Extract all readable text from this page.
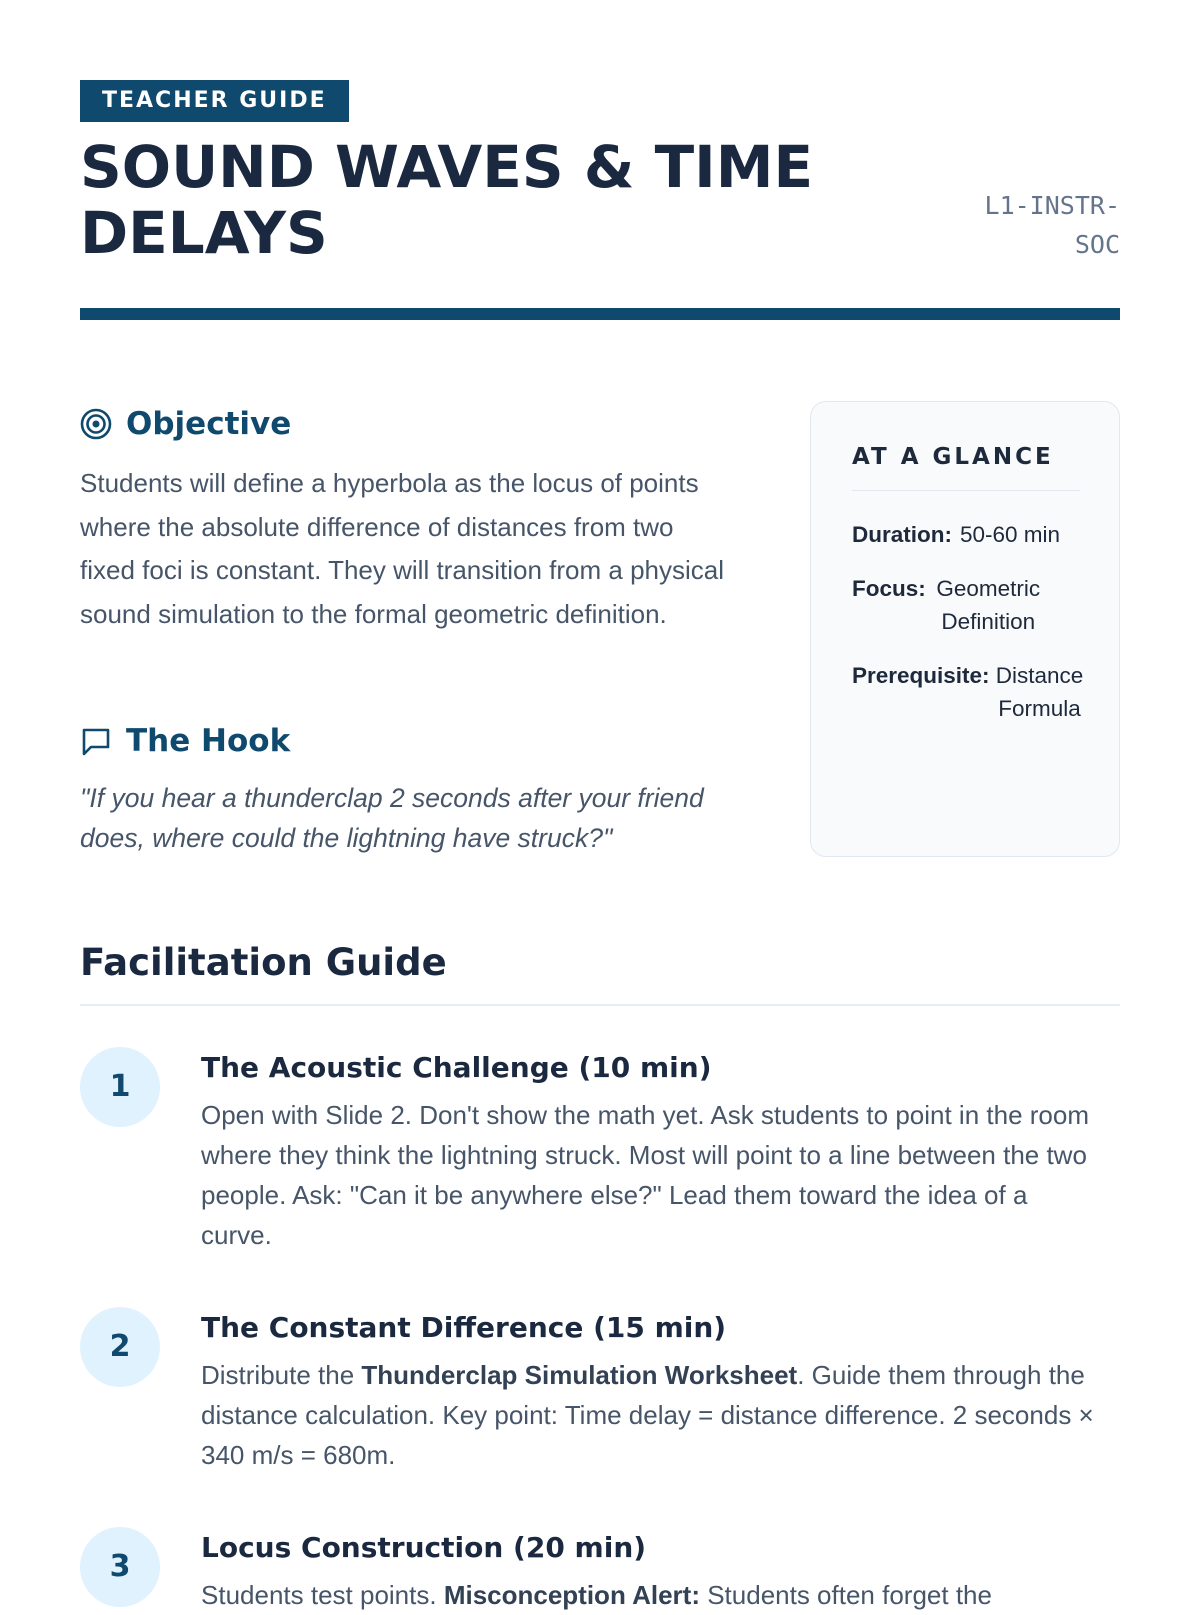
TEACHER GUIDE
SOUND WAVES & TIME DELAYS	L1-INSTR-SOC
Objective

Students will define a hyperbola as the locus of points where the absolute difference of distances from two fixed foci is constant. They will transition from a physical sound simulation to the formal geometric definition.

The Hook

"If you hear a thunderclap 2 seconds after your friend does, where could the lightning have struck?"

AT A GLANCE
Duration: 50-60 min
Focus: Geometric Definition
Prerequisite: Distance Formula
Facilitation Guide
1
The Acoustic Challenge (10 min)

Open with Slide 2. Don't show the math yet. Ask students to point in the room where they think the lightning struck. Most will point to a line between the two people. Ask: "Can it be anywhere else?" Lead them toward the idea of a curve.

2
The Constant Difference (15 min)

Distribute the Thunderclap Simulation Worksheet. Guide them through the distance calculation. Key point: Time delay = distance difference. 2 seconds × 340 m/s = 680m.

3
Locus Construction (20 min)

Students test points. Misconception Alert: Students often forget the
